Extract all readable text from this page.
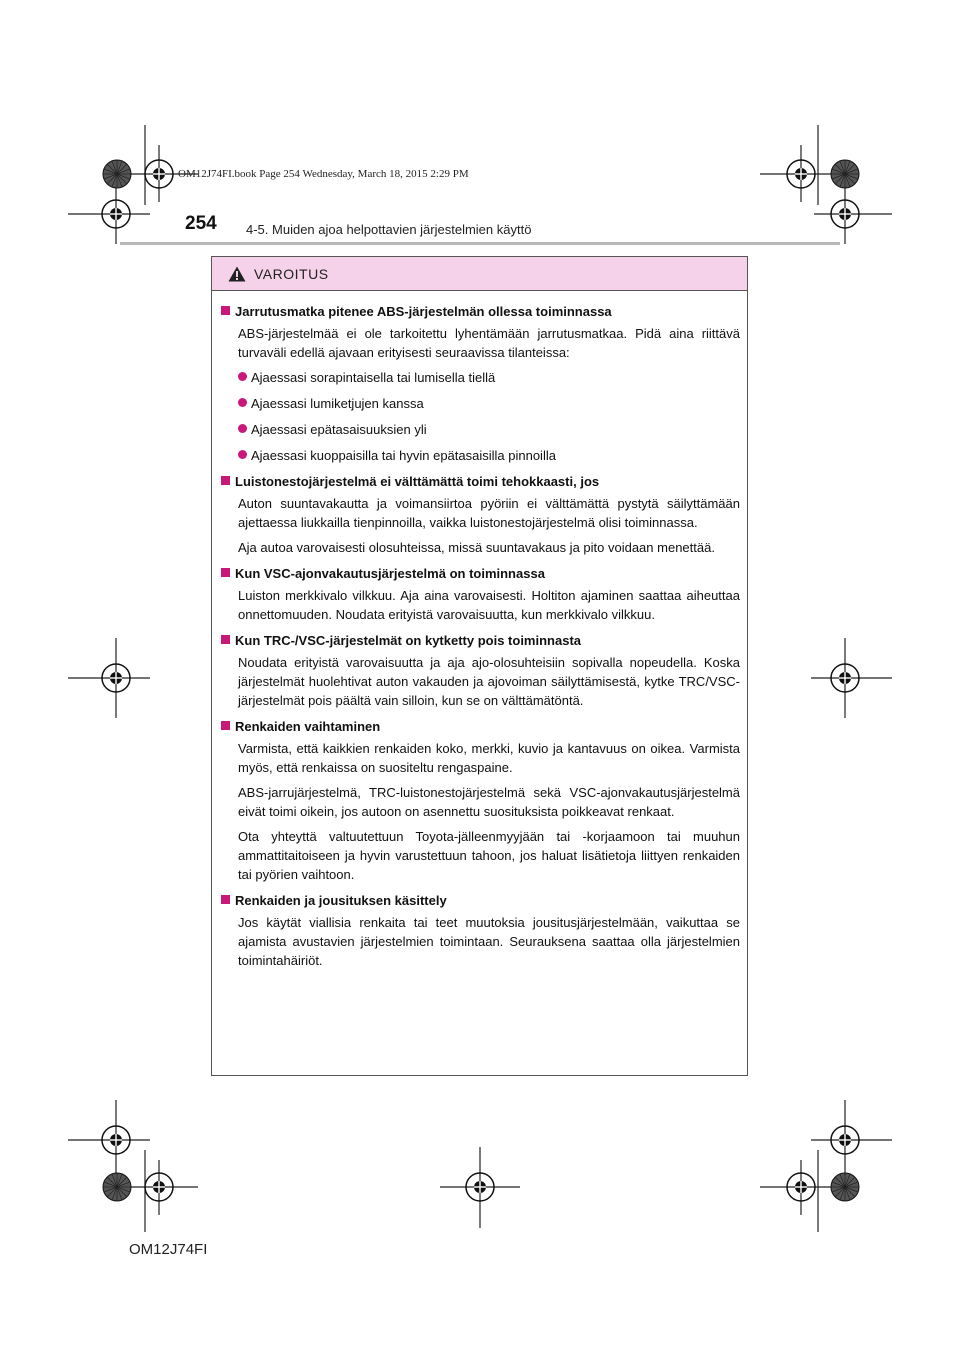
OM12J74FI.book Page 254 Wednesday, March 18, 2015 2:29 PM
254 4-5. Muiden ajoa helpottavien järjestelmien käyttö
VAROITUS
Jarrutusmatka pitenee ABS-järjestelmän ollessa toiminnassa
ABS-järjestelmää ei ole tarkoitettu lyhentämään jarrutusmatkaa. Pidä aina riittävä turvaväli edellä ajavaan erityisesti seuraavissa tilanteissa:
Ajaessasi sorapintaisella tai lumisella tiellä
Ajaessasi lumiketjujen kanssa
Ajaessasi epätasaisuuksien yli
Ajaessasi kuoppaisilla tai hyvin epätasaisilla pinnoilla
Luistonestojärjestelmä ei välttämättä toimi tehokkaasti, jos
Auton suuntavakautta ja voimansiirtoa pyöriin ei välttämättä pystytä säilyttämään ajettaessa liukkailla tienpinnoilla, vaikka luistonestojärjestelmä olisi toiminnassa.
Aja autoa varovaisesti olosuhteissa, missä suuntavakaus ja pito voidaan menettää.
Kun VSC-ajonvakautusjärjestelmä on toiminnassa
Luiston merkkivalo vilkkuu. Aja aina varovaisesti. Holtiton ajaminen saattaa aiheuttaa onnettomuuden. Noudata erityistä varovaisuutta, kun merkkivalo vilkkuu.
Kun TRC-/VSC-järjestelmät on kytketty pois toiminnasta
Noudata erityistä varovaisuutta ja aja ajo-olosuhteisiin sopivalla nopeudella. Koska järjestelmät huolehtivat auton vakauden ja ajovoiman säilyttämisestä, kytke TRC/VSC-järjestelmät pois päältä vain silloin, kun se on välttämätöntä.
Renkaiden vaihtaminen
Varmista, että kaikkien renkaiden koko, merkki, kuvio ja kantavuus on oikea. Varmista myös, että renkaissa on suositeltu rengaspaine.
ABS-jarrujärjestelmä, TRC-luistonestojärjestelmä sekä VSC-ajonvakautusjärjestelmä eivät toimi oikein, jos autoon on asennettu suosituksista poikkeavat renkaat.
Ota yhteyttä valtuutettuun Toyota-jälleenmyyjään tai -korjaamoon tai muuhun ammattitaitoiseen ja hyvin varustettuun tahoon, jos haluat lisätietoja liittyen renkaiden tai pyörien vaihtoon.
Renkaiden ja jousituksen käsittely
Jos käytät viallisia renkaita tai teet muutoksia jousitusjärjestelmään, vaikuttaa se ajamista avustavien järjestelmien toimintaan. Seurauksena saattaa olla järjestelmien toimintahäiriöt.
OM12J74FI
